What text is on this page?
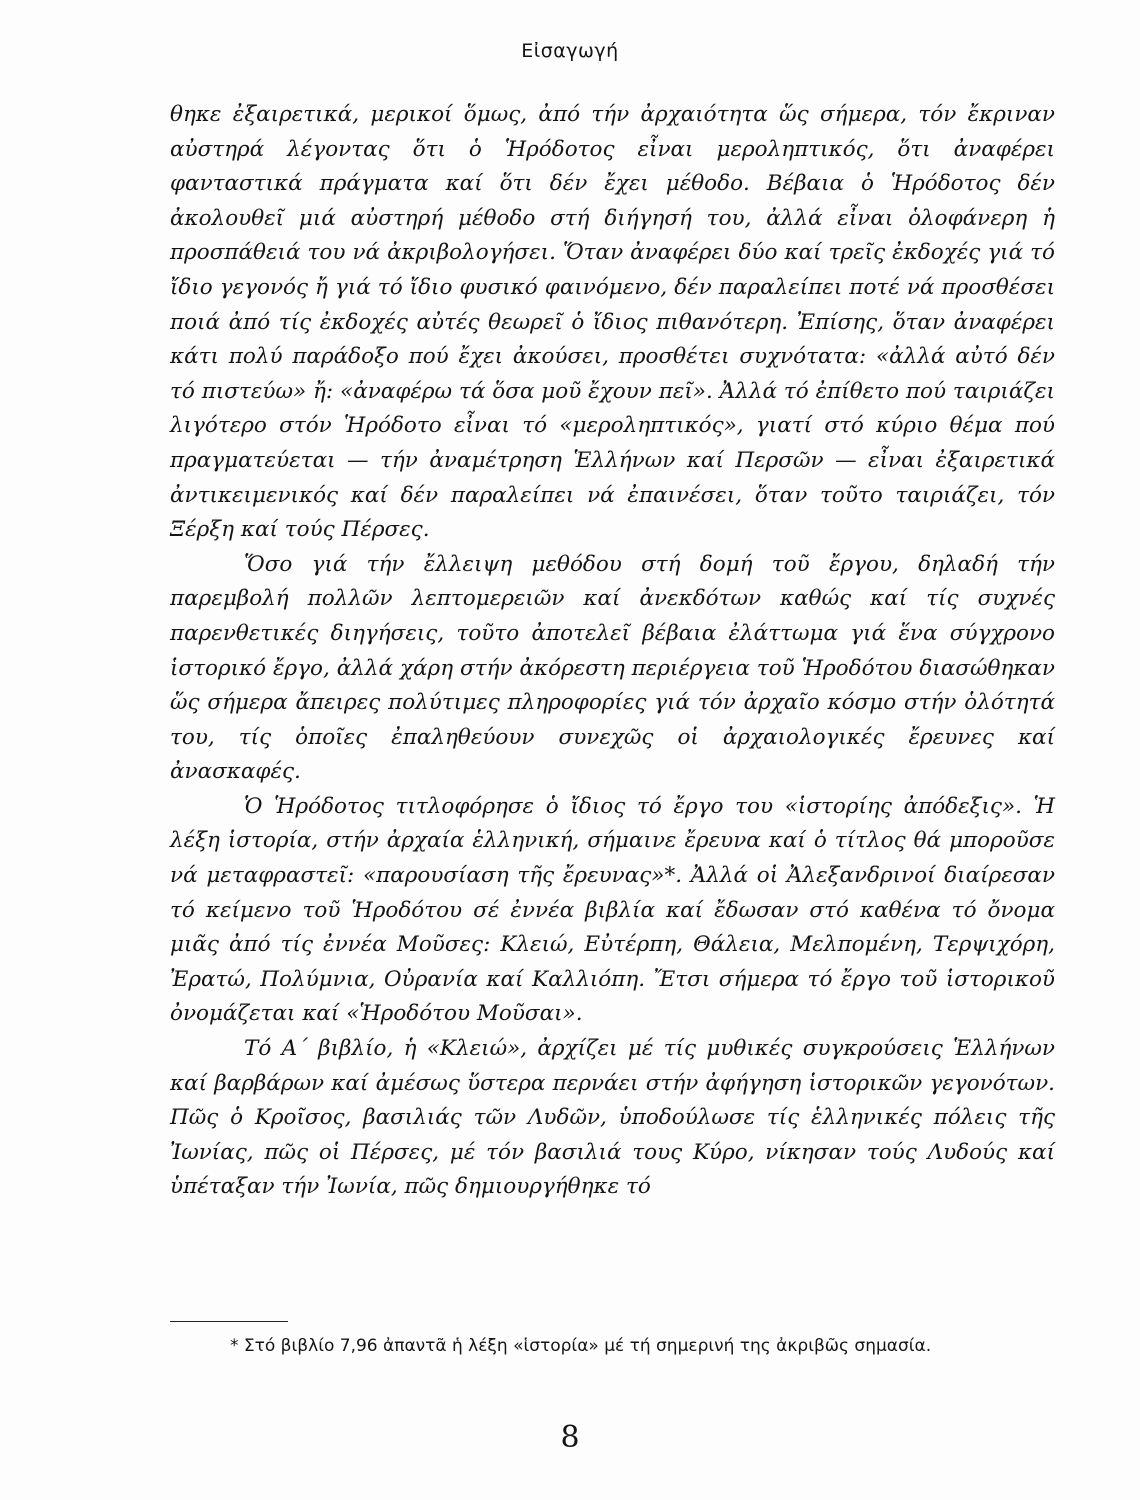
Εἰσαγωγή

θηκε ἐξαιρετικά, μερικοί ὅμως, ἀπό τήν ἀρχαιότητα ὥς σήμερα, τόν ἔκριναν αὐστηρά λέγοντας ὅτι ὁ Ἡρόδοτος εἶναι μεροληπτικός, ὅτι ἀναφέρει φανταστικά πράγματα καί ὅτι δέν ἔχει μέθοδο. Βέβαια ὁ Ἡρόδοτος δέν ἀκολουθεῖ μιά αὐστηρή μέθοδο στή διήγησή του, ἀλλά εἶναι ὁλοφάνερη ἡ προσπάθειά του νά ἀκριβολογήσει. Ὅταν ἀναφέρει δύο καί τρεῖς ἐκδοχές γιά τό ἴδιο γεγονός ἤ γιά τό ἴδιο φυσικό φαινόμενο, δέν παραλείπει ποτέ νά προσθέσει ποιά ἀπό τίς ἐκδοχές αὐτές θεωρεῖ ὁ ἴδιος πιθανότερη. Ἐπίσης, ὅταν ἀναφέρει κάτι πολύ παράδοξο πού ἔχει ἀκούσει, προσθέτει συχνότατα: «ἀλλά αὐτό δέν τό πιστεύω» ἤ: «ἀναφέρω τά ὅσα μοῦ ἔχουν πεῖ». Ἀλλά τό ἐπίθετο πού ταιριάζει λιγότερο στόν Ἡρόδοτο εἶναι τό «μεροληπτικός», γιατί στό κύριο θέμα πού πραγματεύεται — τήν ἀναμέτρηση Ἑλλήνων καί Περσῶν — εἶναι ἐξαιρετικά ἀντικειμενικός καί δέν παραλείπει νά ἐπαινέσει, ὅταν τοῦτο ταιριάζει, τόν Ξέρξη καί τούς Πέρσες.

Ὅσο γιά τήν ἔλλειψη μεθόδου στή δομή τοῦ ἔργου, δηλαδή τήν παρεμβολή πολλῶν λεπτομερειῶν καί ἀνεκδότων καθώς καί τίς συχνές παρενθετικές διηγήσεις, τοῦτο ἀποτελεῖ βέβαια ἐλάττωμα γιά ἕνα σύγχρονο ἱστορικό ἔργο, ἀλλά χάρη στήν ἀκόρεστη περιέργεια τοῦ Ἡροδότου διασώθηκαν ὥς σήμερα ἄπειρες πολύτιμες πληροφορίες γιά τόν ἀρχαῖο κόσμο στήν ὁλότητά του, τίς ὁποῖες ἐπαληθεύουν συνεχῶς οἱ ἀρχαιολογικές ἔρευνες καί ἀνασκαφές.

Ὁ Ἡρόδοτος τιτλοφόρησε ὁ ἴδιος τό ἔργο του «ἱστορίης ἀπόδεξις». Ἡ λέξη ἱστορία, στήν ἀρχαία ἑλληνική, σήμαινε ἔρευνα καί ὁ τίτλος θά μποροῦσε νά μεταφραστεῖ: «παρουσίαση τῆς ἔρευνας»*. Ἀλλά οἱ Ἀλεξανδρινοί διαίρεσαν τό κείμενο τοῦ Ἡροδότου σέ ἐννέα βιβλία καί ἔδωσαν στό καθένα τό ὄνομα μιᾶς ἀπό τίς ἐννέα Μοῦσες: Κλειώ, Εὐτέρπη, Θάλεια, Μελπομένη, Τερψιχόρη, Ἐρατώ, Πολύμνια, Οὐρανία καί Καλλιόπη. Ἔτσι σήμερα τό ἔργο τοῦ ἱστορικοῦ ὀνομάζεται καί «Ἡροδότου Μοῦσαι».

Τό Α΄ βιβλίο, ἡ «Κλειώ», ἀρχίζει μέ τίς μυθικές συγκρούσεις Ἑλλήνων καί βαρβάρων καί ἀμέσως ὕστερα περνάει στήν ἀφήγηση ἱστορικῶν γεγονότων. Πῶς ὁ Κροῖσος, βασιλιάς τῶν Λυδῶν, ὑποδούλωσε τίς ἑλληνικές πόλεις τῆς Ἰωνίας, πῶς οἱ Πέρσες, μέ τόν βασιλιά τους Κύρο, νίκησαν τούς Λυδούς καί ὑπέταξαν τήν Ἰωνία, πῶς δημιουργήθηκε τό

* Στό βιβλίο 7,96 ἀπαντᾶ ἡ λέξη «ἱστορία» μέ τή σημερινή της ἀκριβῶς σημασία.
8
